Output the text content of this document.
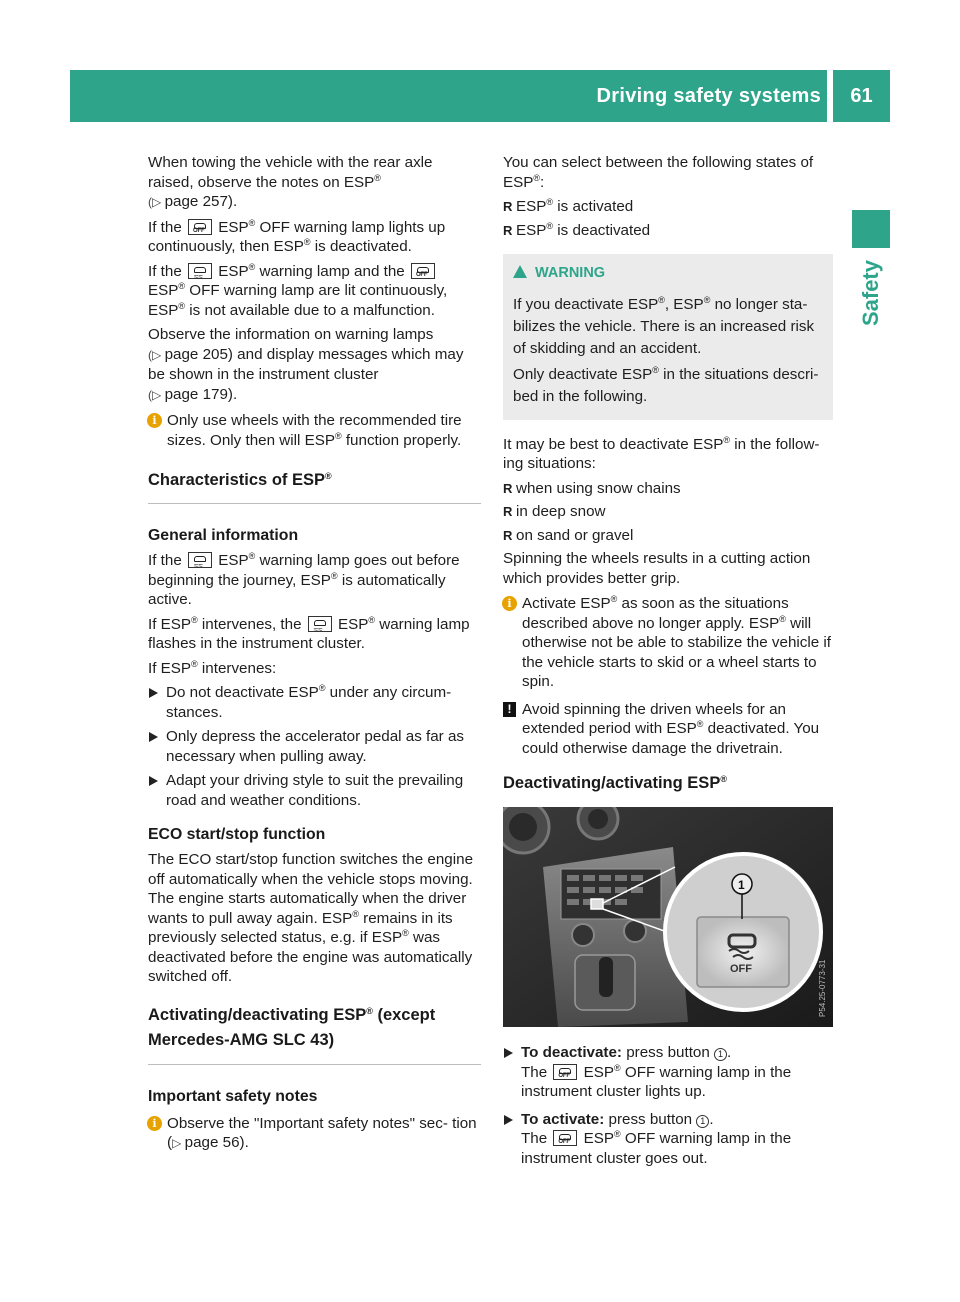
Driving safety systems	61
Safety

When towing the vehicle with the rear axle raised, observe the notes on ESP®
(▷ page 257).

If the OFF ESP® OFF warning lamp lights up continuously, then ESP® is deactivated.

If the ≈≈ ESP® warning lamp and the OFF

ESP® OFF warning lamp are lit continuously, ESP® is not available due to a malfunction.

Observe the information on warning lamps
(▷ page 205) and display messages which may be shown in the instrument cluster
(▷ page 179).

i Only use wheels with the recommended tire sizes. Only then will ESP® function properly.
Characteristics of ESP®
General information

If the ≈≈ ESP® warning lamp goes out before beginning the journey, ESP® is automatically active.

If ESP® intervenes, the ≈≈ ESP® warning lamp flashes in the instrument cluster.

If ESP® intervenes:

Do not deactivate ESP® under any circum- stances.
Only depress the accelerator pedal as far as necessary when pulling away.
Adapt your driving style to suit the prevailing road and weather conditions.
ECO start/stop function

The ECO start/stop function switches the engine off automatically when the vehicle stops moving. The engine starts automatically when the driver wants to pull away again. ESP® remains in its previously selected status, e.g. if ESP® was deactivated before the engine was automatically switched off.

Activating/deactivating ESP® (except Mercedes-AMG SLC 43)
Important safety notes
i Observe the "Important safety notes" sec- tion (▷ page 56).

You can select between the following states of ESP®:

R ESP® is activated
R ESP® is deactivated
WARNING

If you deactivate ESP®, ESP® no longer sta- bilizes the vehicle. There is an increased risk of skidding and an accident.

Only deactivate ESP® in the situations descri- bed in the following.

It may be best to deactivate ESP® in the follow- ing situations:

R when using snow chains
R in deep snow
R on sand or gravel

Spinning the wheels results in a cutting action which provides better grip.

i Activate ESP® as soon as the situations described above no longer apply. ESP® will otherwise not be able to stabilize the vehicle if the vehicle starts to skid or a wheel starts to spin.
! Avoid spinning the driven wheels for an extended period with ESP® deactivated. You could otherwise damage the drivetrain.
Deactivating/activating ESP®
OFF
1
P54.25-0773-31
To deactivate: press button 1 .
The OFF ESP® OFF warning lamp in the instrument cluster lights up.
To activate: press button 1 .
The OFF ESP® OFF warning lamp in the instrument cluster goes out.
